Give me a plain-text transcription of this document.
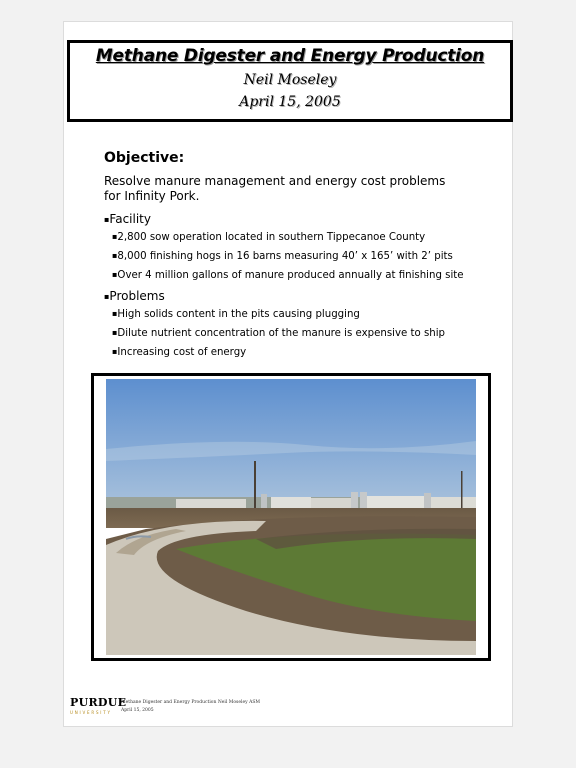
Methane Digester and Energy Production
Neil Moseley
April 15, 2005
Objective:
Resolve manure management and energy cost problems for Infinity Pork.
▪Facility
▪2,800 sow operation located in southern Tippecanoe County
▪8,000 finishing hogs in 16 barns measuring 40’ x 165’ with 2’ pits
▪Over 4 million gallons of manure produced annually at finishing site
▪Problems
▪High solids content in the pits causing plugging
▪Dilute nutrient concentration of the manure is expensive to ship
▪Increasing cost of energy
PURDUE
UNIVERSITY
Methane Digester and Energy Production Neil Moseley ASM
April 15, 2005
